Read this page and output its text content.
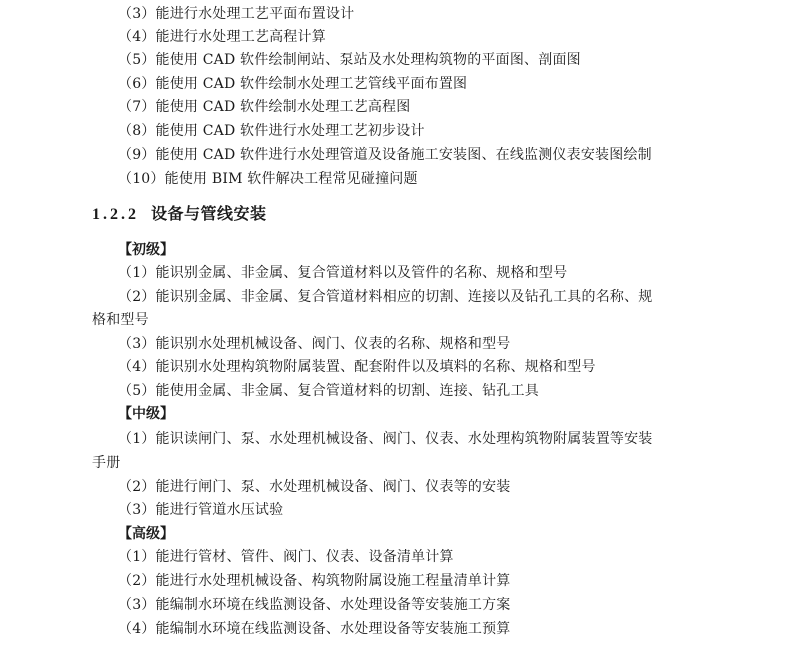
（3）能进行水处理工艺平面布置设计
（4）能进行水处理工艺高程计算
（5）能使用 CAD 软件绘制闸站、泵站及水处理构筑物的平面图、剖面图
（6）能使用 CAD 软件绘制水处理工艺管线平面布置图
（7）能使用 CAD 软件绘制水处理工艺高程图
（8）能使用 CAD 软件进行水处理工艺初步设计
（9）能使用 CAD 软件进行水处理管道及设备施工安装图、在线监测仪表安装图绘制
（10）能使用 BIM 软件解决工程常见碰撞问题
1.2.2 设备与管线安装
【初级】
（1）能识别金属、非金属、复合管道材料以及管件的名称、规格和型号
（2）能识别金属、非金属、复合管道材料相应的切割、连接以及钻孔工具的名称、规
格和型号
（3）能识别水处理机械设备、阀门、仪表的名称、规格和型号
（4）能识别水处理构筑物附属装置、配套附件以及填料的名称、规格和型号
（5）能使用金属、非金属、复合管道材料的切割、连接、钻孔工具
【中级】
（1）能识读闸门、泵、水处理机械设备、阀门、仪表、水处理构筑物附属装置等安装
手册
（2）能进行闸门、泵、水处理机械设备、阀门、仪表等的安装
（3）能进行管道水压试验
【高级】
（1）能进行管材、管件、阀门、仪表、设备清单计算
（2）能进行水处理机械设备、构筑物附属设施工程量清单计算
（3）能编制水环境在线监测设备、水处理设备等安装施工方案
（4）能编制水环境在线监测设备、水处理设备等安装施工预算
